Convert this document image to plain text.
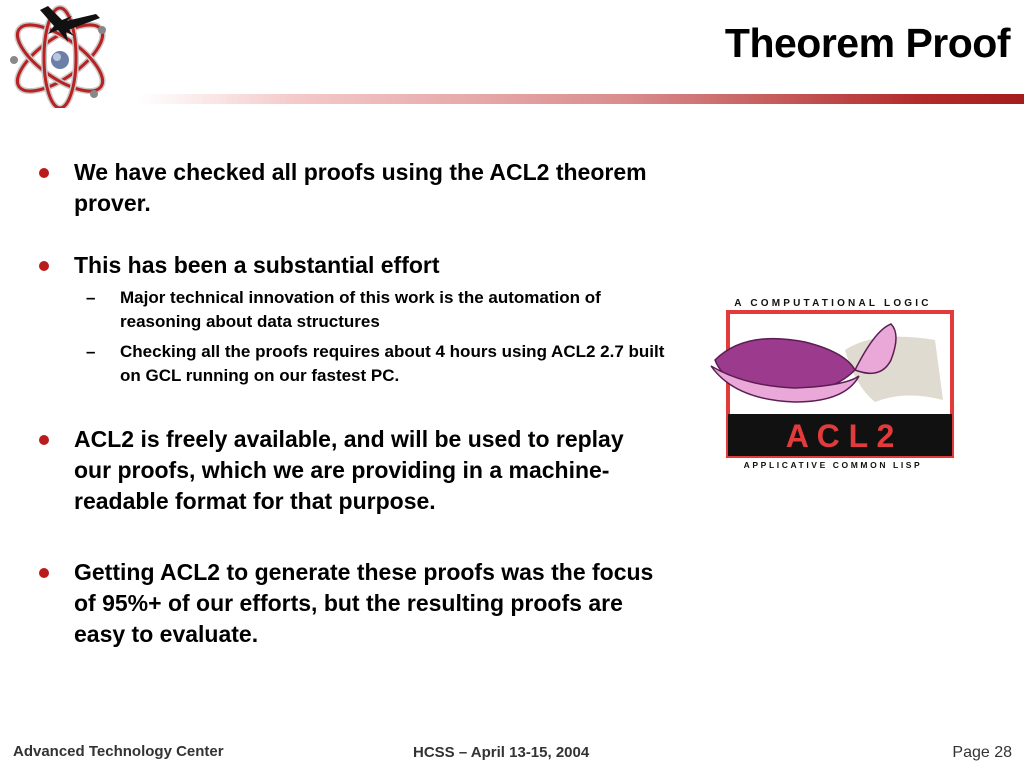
Theorem Proof
We have checked all proofs using the ACL2 theorem prover.
This has been a substantial effort
– Major technical innovation of this work is the automation of reasoning about data structures
– Checking all the proofs requires about 4 hours using ACL2 2.7 built on GCL running on our fastest PC.
ACL2 is freely available, and will be used to replay our proofs, which we are providing in a machine-readable format for that purpose.
Getting ACL2 to generate these proofs was the focus of 95%+ of our efforts, but the resulting proofs are easy to evaluate.
A COMPUTATIONAL LOGIC
A C L 2
APPLICATIVE COMMON LISP
Advanced Technology Center	HCSS – April 13-15, 2004	Page 28
